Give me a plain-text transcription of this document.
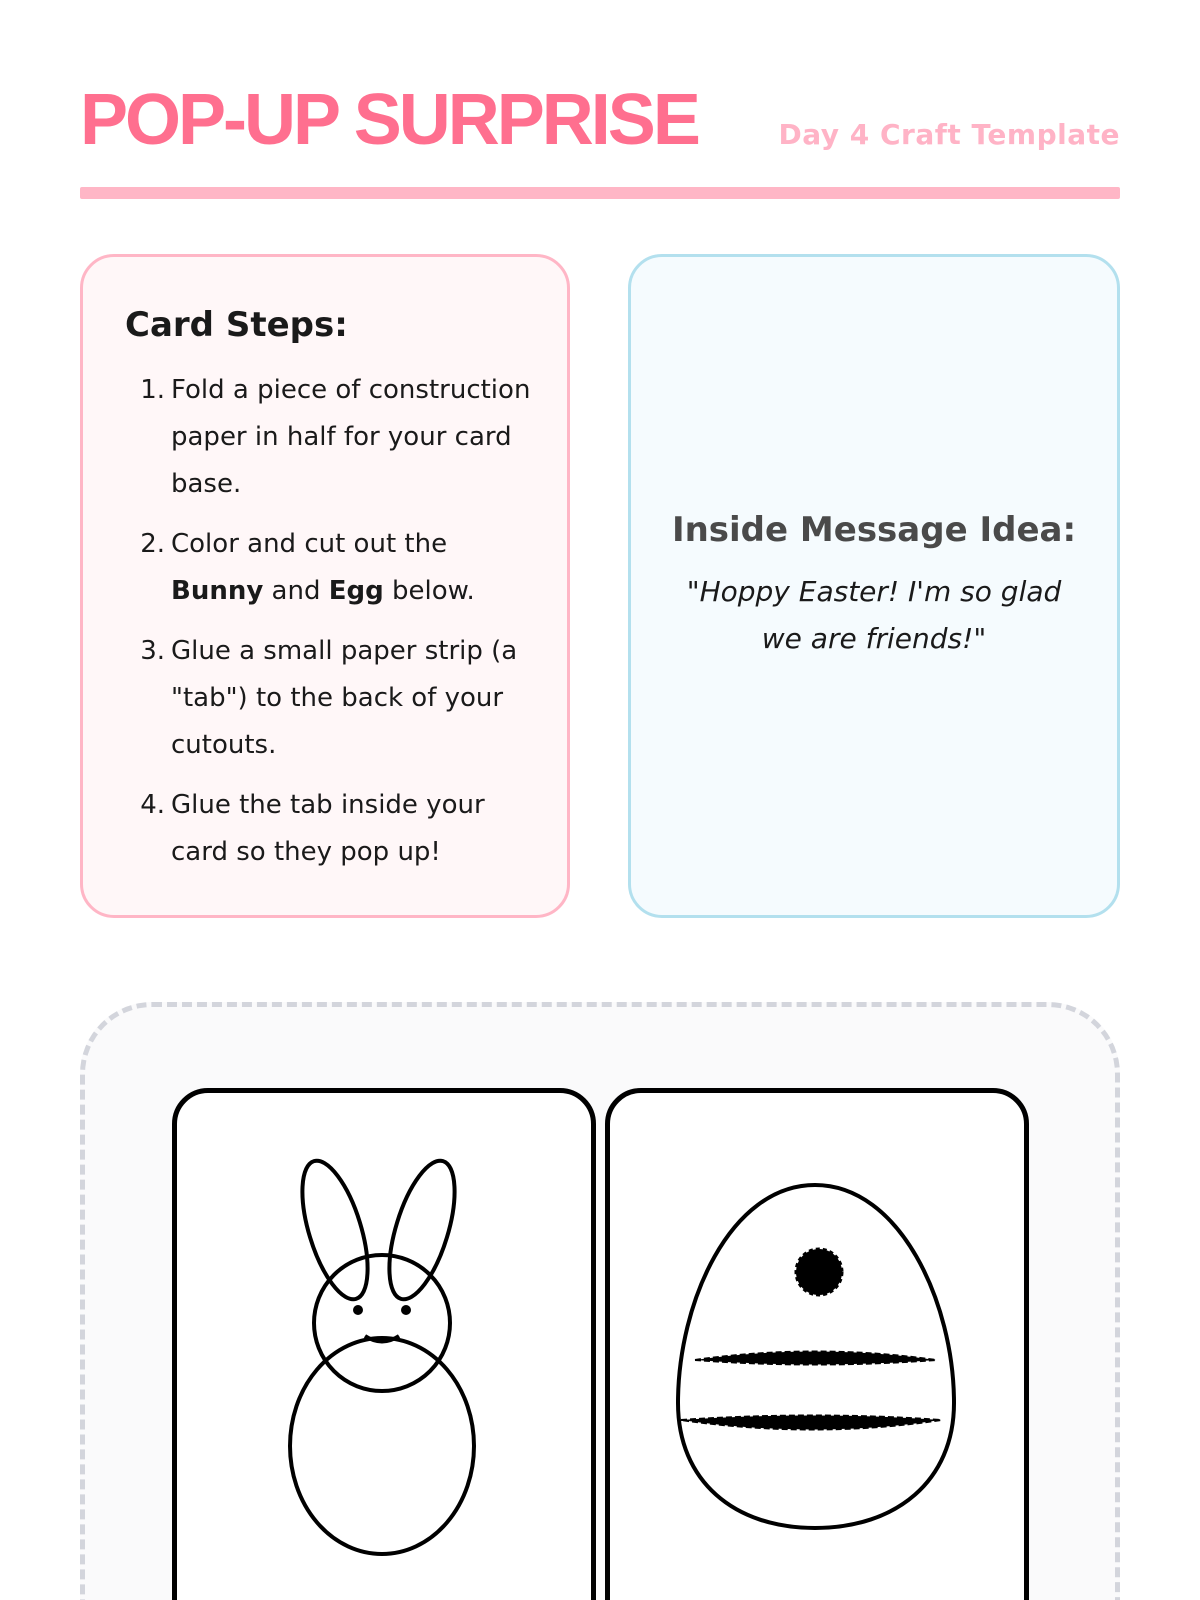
POP-UP SURPRISE	Day 4 Craft Template
Card Steps:
1. Fold a piece of construction paper in half for your card base.
2. Color and cut out the Bunny and Egg below.
3. Glue a small paper strip (a "tab") to the back of your cutouts.
4. Glue the tab inside your card so they pop up!
Inside Message Idea:
"Hoppy Easter! I'm so glad we are friends!"
